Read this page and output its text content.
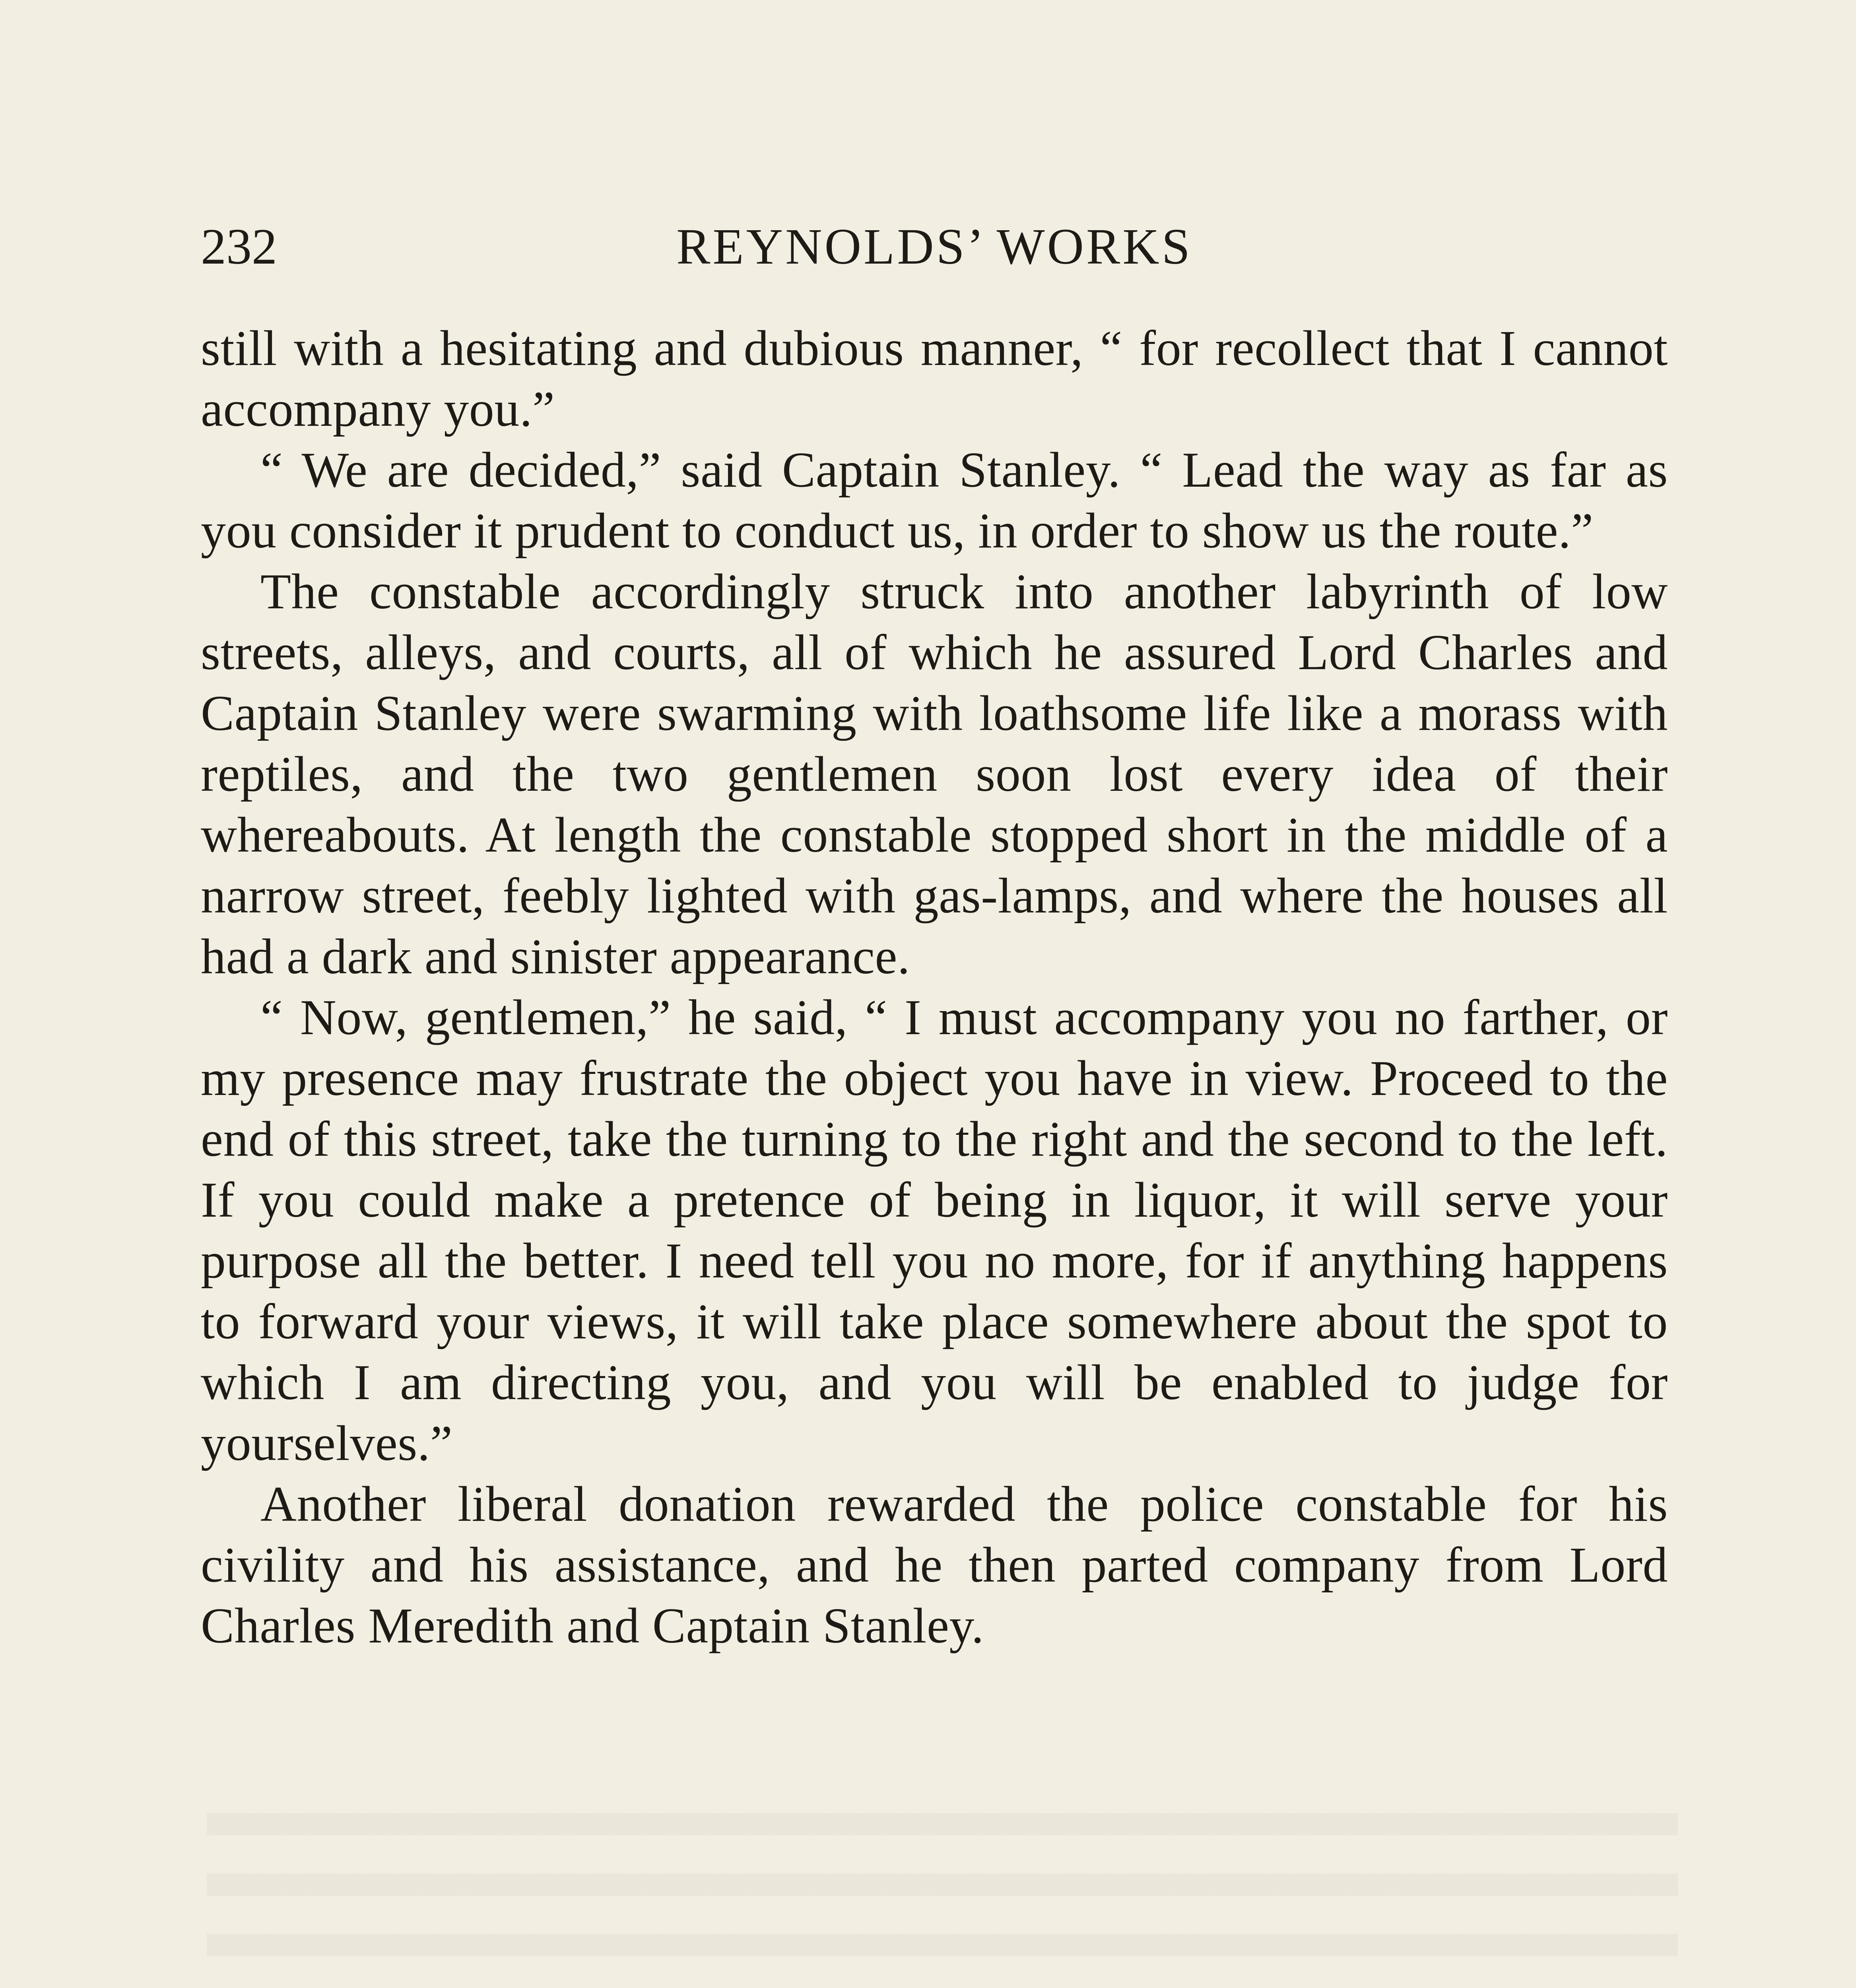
232	REYNOLDS’ WORKS

still with a hesitating and dubious manner, “ for recollect that I cannot accompany you.”

“ We are decided,” said Captain Stanley. “ Lead the way as far as you consider it prudent to conduct us, in order to show us the route.”

The constable accordingly struck into another labyrinth of low streets, alleys, and courts, all of which he assured Lord Charles and Captain Stanley were swarming with loathsome life like a morass with reptiles, and the two gentlemen soon lost every idea of their whereabouts. At length the constable stopped short in the middle of a narrow street, feebly lighted with gas-lamps, and where the houses all had a dark and sinister appearance.

“ Now, gentlemen,” he said, “ I must accompany you no farther, or my presence may frustrate the object you have in view. Proceed to the end of this street, take the turning to the right and the second to the left. If you could make a pretence of being in liquor, it will serve your purpose all the better. I need tell you no more, for if anything happens to forward your views, it will take place somewhere about the spot to which I am directing you, and you will be enabled to judge for yourselves.”

Another liberal donation rewarded the police constable for his civility and his assistance, and he then parted company from Lord Charles Meredith and Captain Stanley.
